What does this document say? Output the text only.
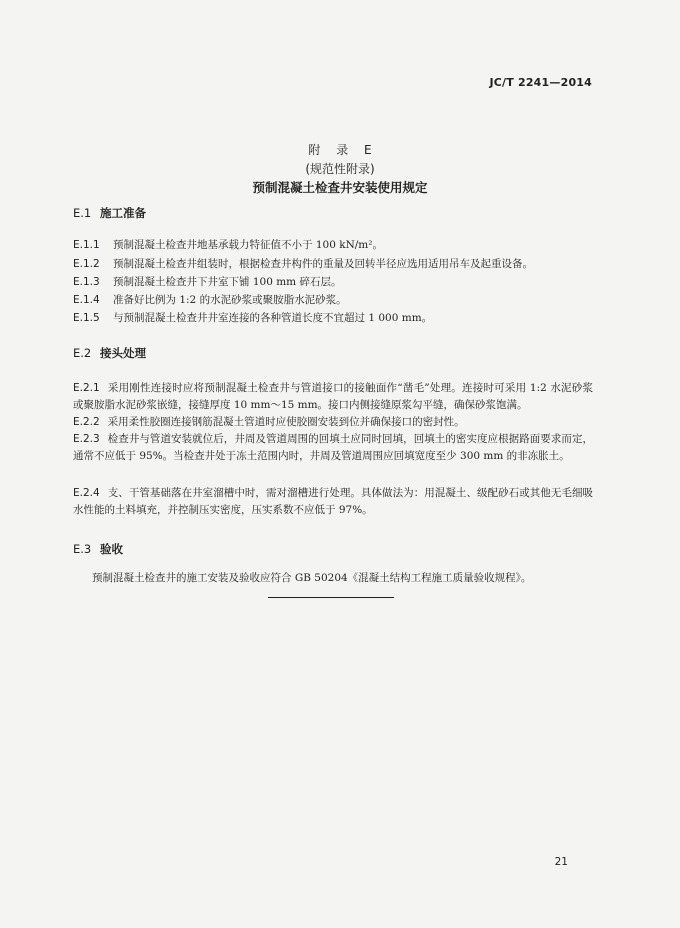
JC/T 2241—2014
附 录 E
(规范性附录)
预制混凝土检查井安装使用规定
E.1 施工准备
E.1.1 预制混凝土检查井地基承载力特征值不小于 100 kN/m²。
E.1.2 预制混凝土检查井组装时，根据检查井构件的重量及回转半径应选用适用吊车及起重设备。
E.1.3 预制混凝土检查井下井室下铺 100 mm 碎石层。
E.1.4 准备好比例为 1:2 的水泥砂浆或聚胺脂水泥砂浆。
E.1.5 与预制混凝土检查井井室连接的各种管道长度不宜超过 1 000 mm。
E.2 接头处理
E.2.1 采用刚性连接时应将预制混凝土检查井与管道接口的接触面作“凿毛”处理。连接时可采用 1:2 水泥砂浆或聚胺脂水泥砂浆嵌缝，接缝厚度 10 mm～15 mm。接口内侧接缝原浆勾平缝，确保砂浆饱满。
E.2.2 采用柔性胶圈连接钢筋混凝土管道时应使胶圈安装到位并确保接口的密封性。
E.2.3 检查井与管道安装就位后，井周及管道周围的回填土应同时回填，回填土的密实度应根据路面要求而定，通常不应低于 95%。当检查井处于冻土范围内时，井周及管道周围应回填宽度至少 300 mm 的非冻胀土。
E.2.4 支、干管基础落在井室溜槽中时，需对溜槽进行处理。具体做法为：用混凝土、级配砂石或其他无毛细吸水性能的土料填充，并控制压实密度，压实系数不应低于 97%。
E.3 验收
预制混凝土检查井的施工安装及验收应符合 GB 50204《混凝土结构工程施工质量验收规程》。
21
